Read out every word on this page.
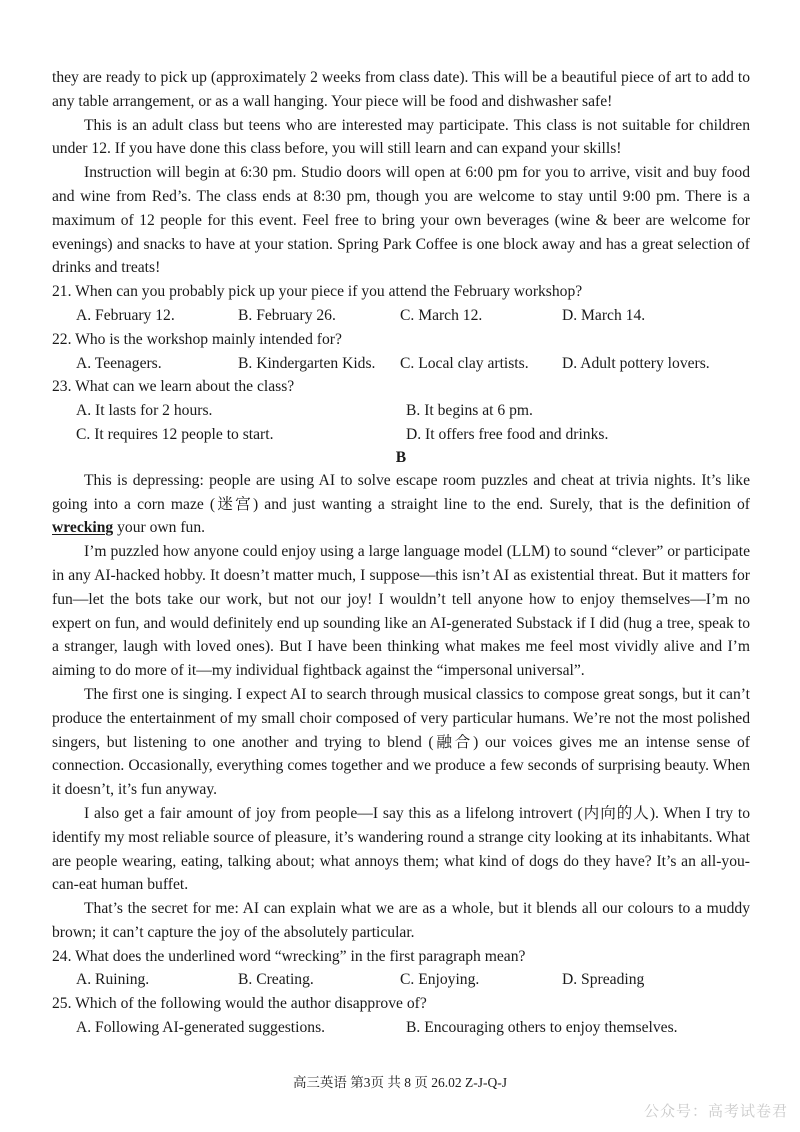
they are ready to pick up (approximately 2 weeks from class date). This will be a beautiful piece of art to add to any table arrangement, or as a wall hanging. Your piece will be food and dishwasher safe!

This is an adult class but teens who are interested may participate. This class is not suitable for children under 12. If you have done this class before, you will still learn and can expand your skills!

Instruction will begin at 6:30 pm. Studio doors will open at 6:00 pm for you to arrive, visit and buy food and wine from Red’s. The class ends at 8:30 pm, though you are welcome to stay until 9:00 pm. There is a maximum of 12 people for this event. Feel free to bring your own beverages (wine & beer are welcome for evenings) and snacks to have at your station. Spring Park Coffee is one block away and has a great selection of drinks and treats!

21. When can you probably pick up your piece if you attend the February workshop?

A. February 12.	B. February 26.	C. March 12.	D. March 14.

22. Who is the workshop mainly intended for?

A. Teenagers.	B. Kindergarten Kids.	C. Local clay artists.	D. Adult pottery lovers.

23. What can we learn about the class?

A. It lasts for 2 hours.	B. It begins at 6 pm.
C. It requires 12 people to start.	D. It offers free food and drinks.

B

This is depressing: people are using AI to solve escape room puzzles and cheat at trivia nights. It’s like going into a corn maze (迷宫) and just wanting a straight line to the end. Surely, that is the definition of wrecking your own fun.

I’m puzzled how anyone could enjoy using a large language model (LLM) to sound “clever” or participate in any AI-hacked hobby. It doesn’t matter much, I suppose—this isn’t AI as existential threat. But it matters for fun—let the bots take our work, but not our joy! I wouldn’t tell anyone how to enjoy themselves—I’m no expert on fun, and would definitely end up sounding like an AI-generated Substack if I did (hug a tree, speak to a stranger, laugh with loved ones). But I have been thinking what makes me feel most vividly alive and I’m aiming to do more of it—my individual fightback against the “impersonal universal”.

The first one is singing. I expect AI to search through musical classics to compose great songs, but it can’t produce the entertainment of my small choir composed of very particular humans. We’re not the most polished singers, but listening to one another and trying to blend (融合) our voices gives me an intense sense of connection. Occasionally, everything comes together and we produce a few seconds of surprising beauty. When it doesn’t, it’s fun anyway.

I also get a fair amount of joy from people—I say this as a lifelong introvert (内向的人). When I try to identify my most reliable source of pleasure, it’s wandering round a strange city looking at its inhabitants. What are people wearing, eating, talking about; what annoys them; what kind of dogs do they have? It’s an all-you-can-eat human buffet.

That’s the secret for me: AI can explain what we are as a whole, but it blends all our colours to a muddy brown; it can’t capture the joy of the absolutely particular.

24. What does the underlined word “wrecking” in the first paragraph mean?

A. Ruining.	B. Creating.	C. Enjoying.	D. Spreading

25. Which of the following would the author disapprove of?

A. Following AI-generated suggestions.	B. Encouraging others to enjoy themselves.
高三英语 第3页 共 8 页 26.02 Z-J-Q-J
公众号：高考试卷君
